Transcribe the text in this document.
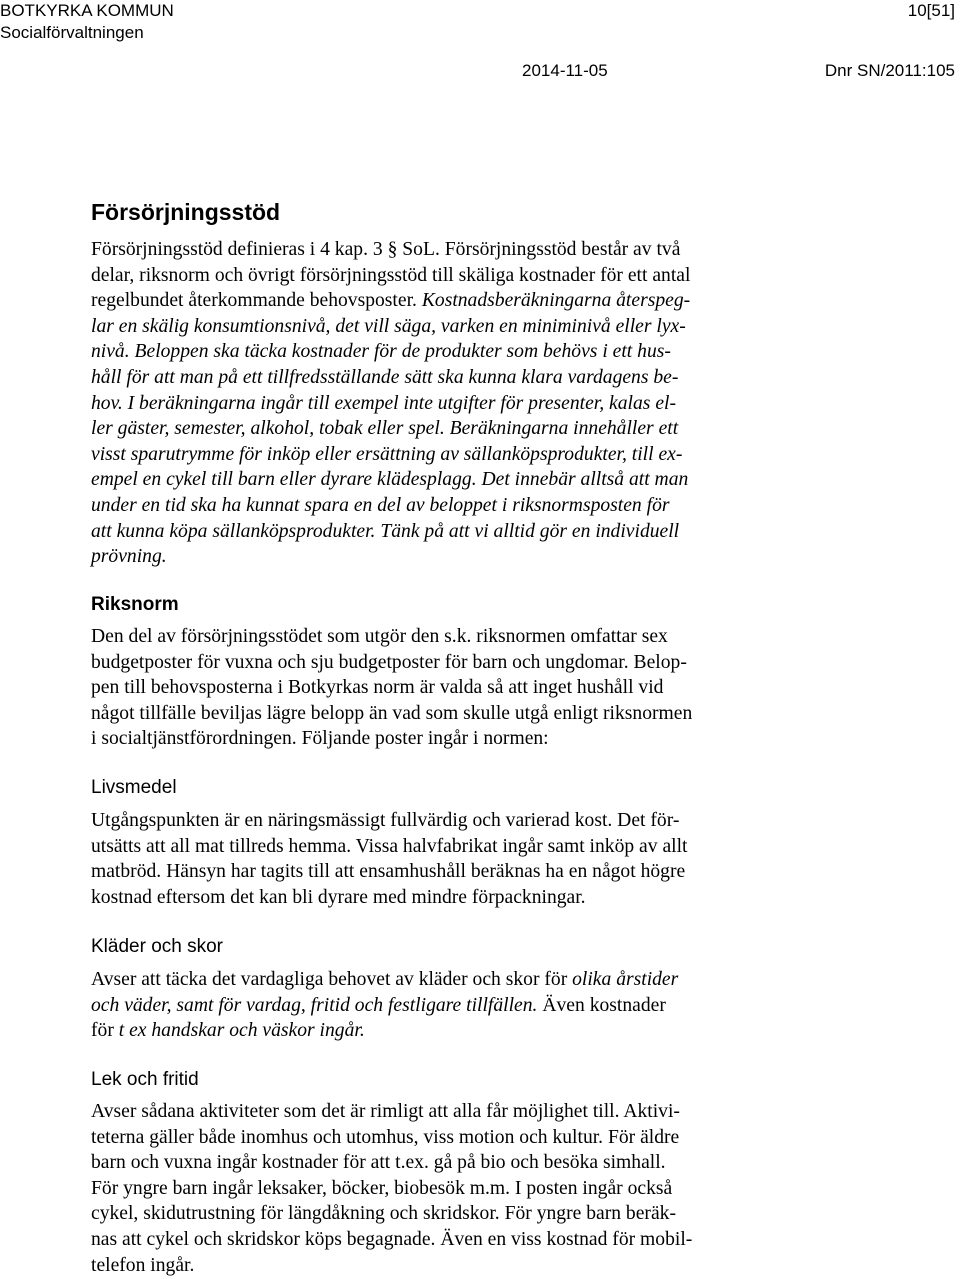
BOTKYRKA KOMMUN
Socialförvaltningen
10[51]
2014-11-05	Dnr SN/2011:105
Försörjningsstöd
Försörjningsstöd definieras i 4 kap. 3 § SoL. Försörjningsstöd består av två
delar, riksnorm och övrigt försörjningsstöd till skäliga kostnader för ett antal
regelbundet återkommande behovsposter. Kostnadsberäkningarna återspeg-
lar en skälig konsumtionsnivå, det vill säga, varken en miniminivå eller lyx-
nivå. Beloppen ska täcka kostnader för de produkter som behövs i ett hus-
håll för att man på ett tillfredsställande sätt ska kunna klara vardagens be-
hov. I beräkningarna ingår till exempel inte utgifter för presenter, kalas el-
ler gäster, semester, alkohol, tobak eller spel. Beräkningarna innehåller ett
visst sparutrymme för inköp eller ersättning av sällanköpsprodukter, till ex-
empel en cykel till barn eller dyrare klädesplagg. Det innebär alltså att man
under en tid ska ha kunnat spara en del av beloppet i riksnormsposten för
att kunna köpa sällanköpsprodukter. Tänk på att vi alltid gör en individuell
prövning.
Riksnorm
Den del av försörjningsstödet som utgör den s.k. riksnormen omfattar sex
budgetposter för vuxna och sju budgetposter för barn och ungdomar. Belop-
pen till behovsposterna i Botkyrkas norm är valda så att inget hushåll vid
något tillfälle beviljas lägre belopp än vad som skulle utgå enligt riksnormen
i socialtjänstförordningen. Följande poster ingår i normen:
Livsmedel
Utgångspunkten är en näringsmässigt fullvärdig och varierad kost. Det för-
utsätts att all mat tillreds hemma. Vissa halvfabrikat ingår samt inköp av allt
matbröd. Hänsyn har tagits till att ensamhushåll beräknas ha en något högre
kostnad eftersom det kan bli dyrare med mindre förpackningar.
Kläder och skor
Avser att täcka det vardagliga behovet av kläder och skor för olika årstider
och väder, samt för vardag, fritid och festligare tillfällen. Även kostnader
för t ex handskar och väskor ingår.
Lek och fritid
Avser sådana aktiviteter som det är rimligt att alla får möjlighet till. Aktivi-
teterna gäller både inomhus och utomhus, viss motion och kultur. För äldre
barn och vuxna ingår kostnader för att t.ex. gå på bio och besöka simhall.
För yngre barn ingår leksaker, böcker, biobesök m.m. I posten ingår också
cykel, skidutrustning för längdåkning och skridskor. För yngre barn beräk-
nas att cykel och skridskor köps begagnade. Även en viss kostnad för mobil-
telefon ingår.
